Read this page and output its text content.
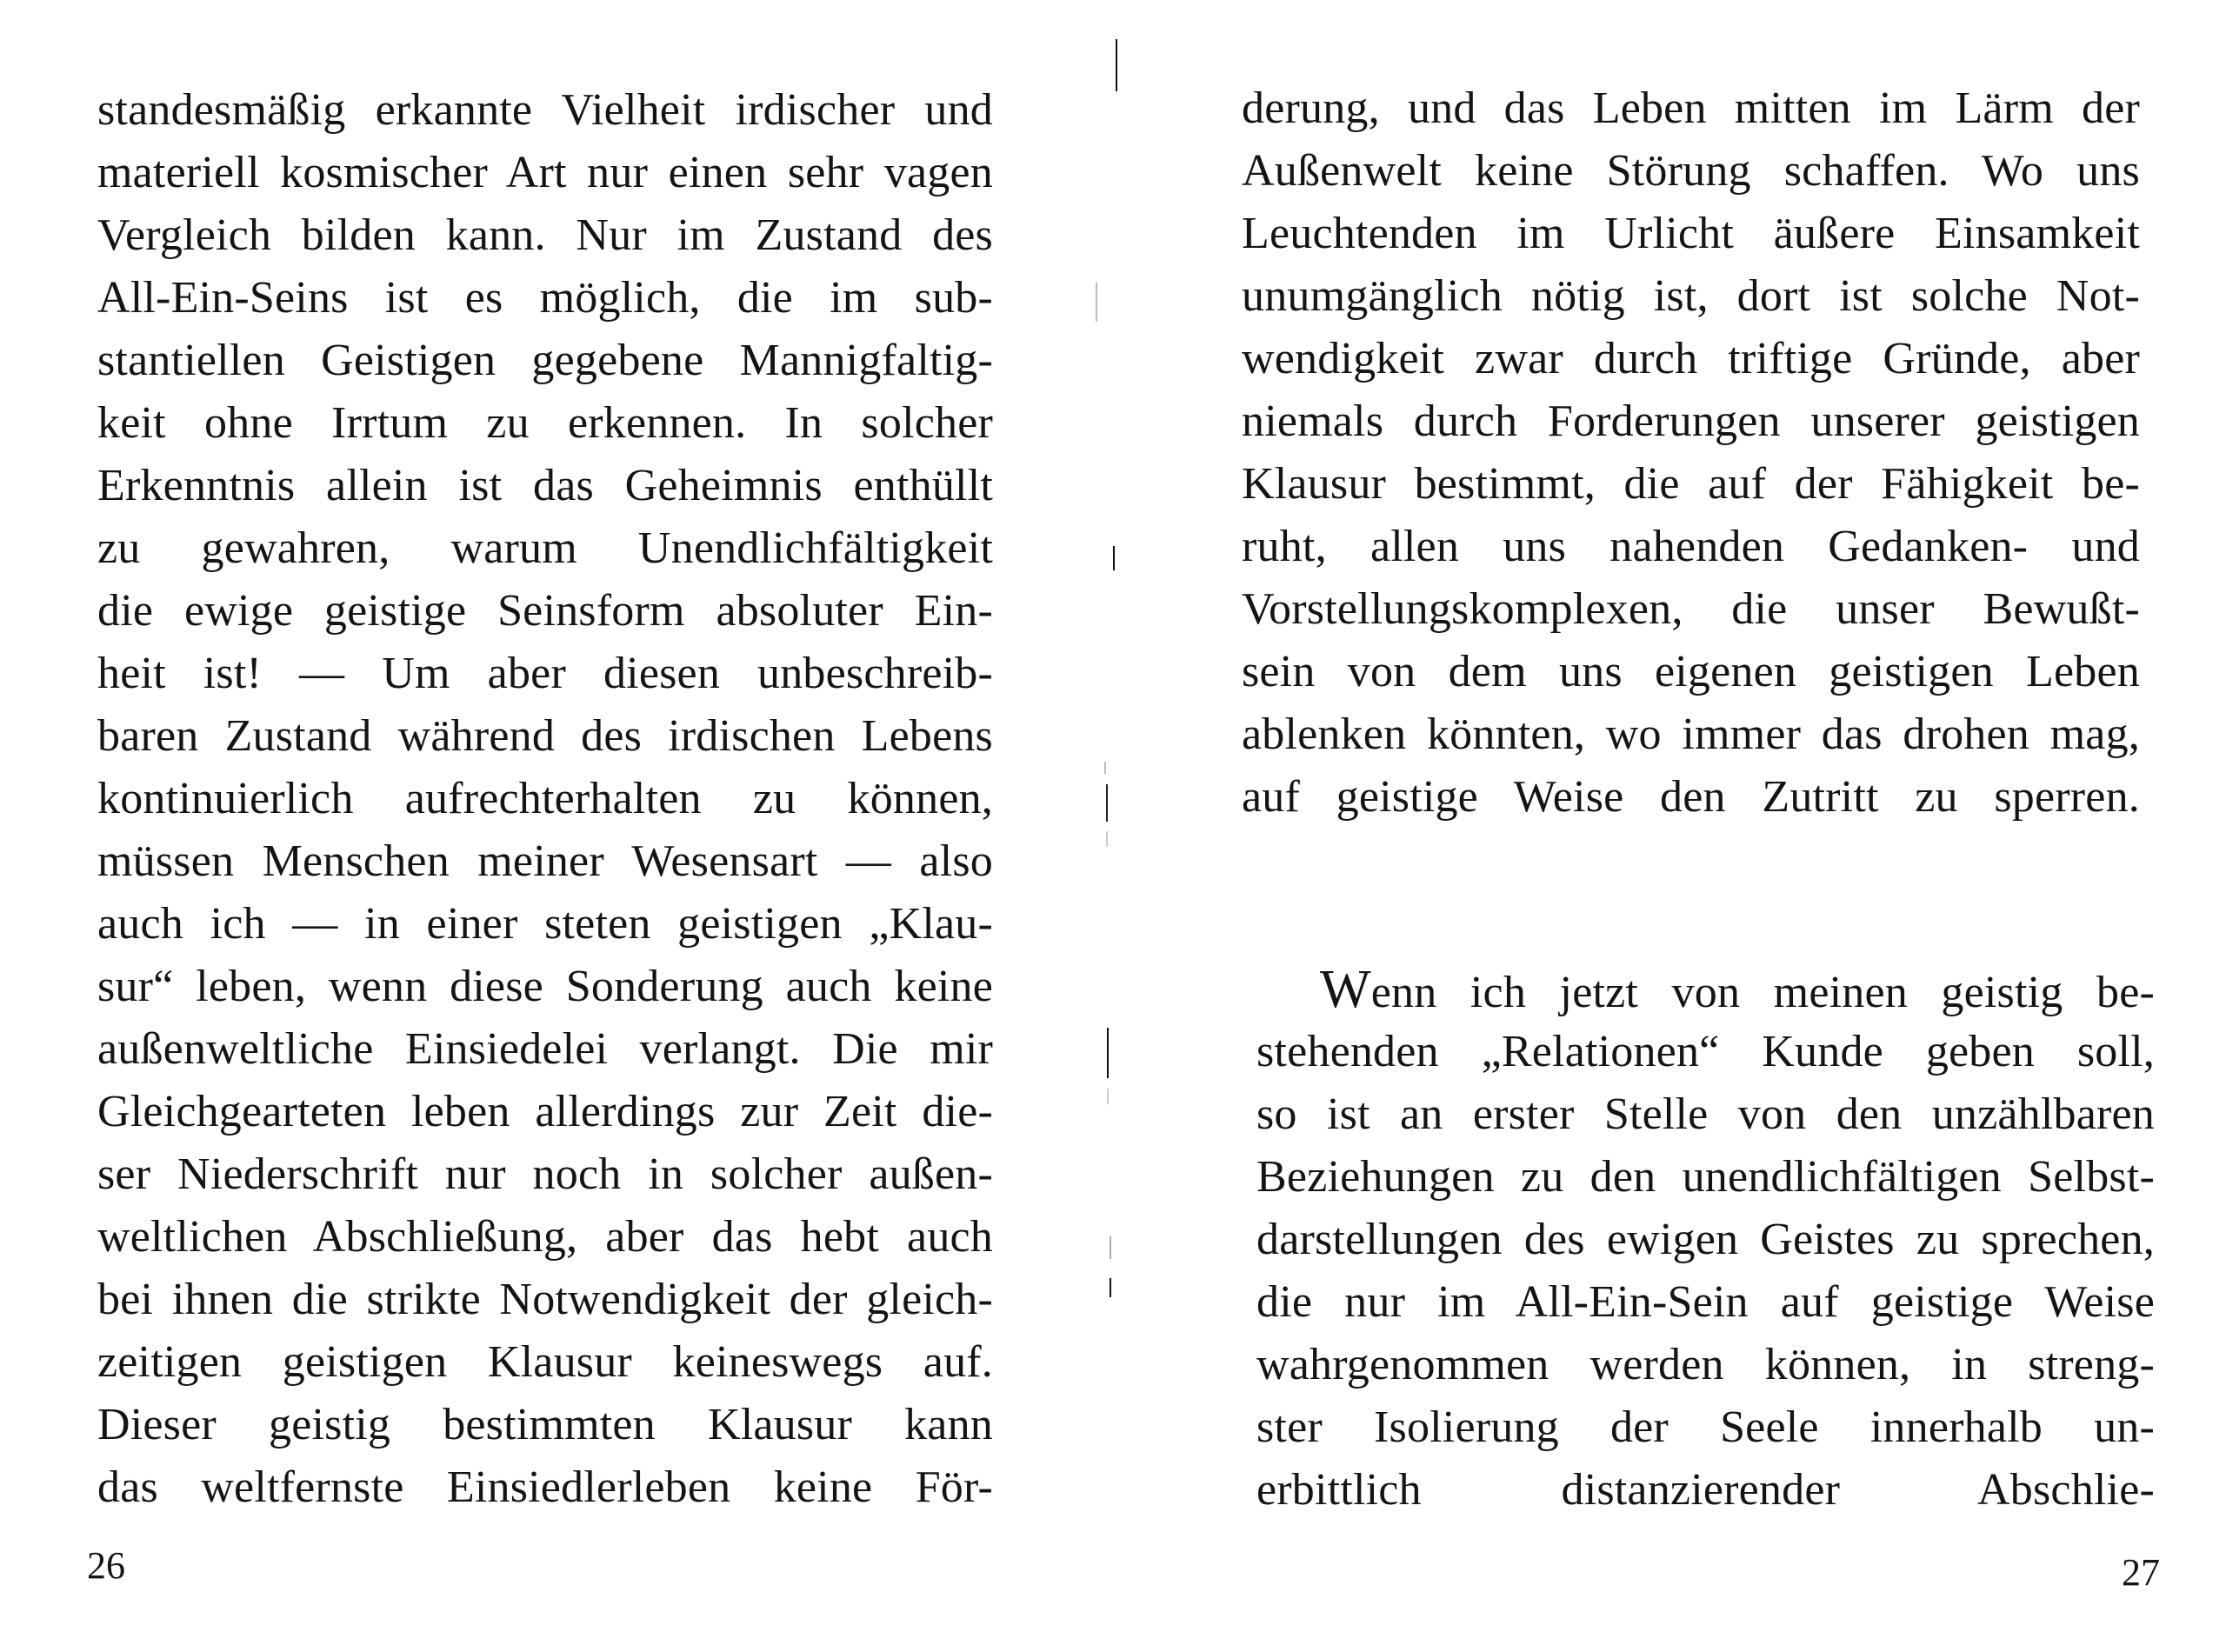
standesmäßig erkannte Vielheit irdischer und
materiell kosmischer Art nur einen sehr vagen
Vergleich bilden kann. Nur im Zustand des
All-Ein-Seins ist es möglich, die im sub-
stantiellen Geistigen gegebene Mannigfaltig-
keit ohne Irrtum zu erkennen. In solcher
Erkenntnis allein ist das Geheimnis enthüllt
zu gewahren, warum Unendlichfältigkeit
die ewige geistige Seinsform absoluter Ein-
heit ist! — Um aber diesen unbeschreib-
baren Zustand während des irdischen Lebens
kontinuierlich aufrechterhalten zu können,
müssen Menschen meiner Wesensart — also
auch ich — in einer steten geistigen „Klau-
sur“ leben, wenn diese Sonderung auch keine
außenweltliche Einsiedelei verlangt. Die mir
Gleichgearteten leben allerdings zur Zeit die-
ser Niederschrift nur noch in solcher außen-
weltlichen Abschließung, aber das hebt auch
bei ihnen die strikte Notwendigkeit der gleich-
zeitigen geistigen Klausur keineswegs auf.
Dieser geistig bestimmten Klausur kann
das weltfernste Einsiedlerleben keine För-
26
derung, und das Leben mitten im Lärm der
Außenwelt keine Störung schaffen. Wo uns
Leuchtenden im Urlicht äußere Einsamkeit
unumgänglich nötig ist, dort ist solche Not-
wendigkeit zwar durch triftige Gründe, aber
niemals durch Forderungen unserer geistigen
Klausur bestimmt, die auf der Fähigkeit be-
ruht, allen uns nahenden Gedanken- und
Vorstellungskomplexen, die unser Bewußt-
sein von dem uns eigenen geistigen Leben
ablenken könnten, wo immer das drohen mag,
auf geistige Weise den Zutritt zu sperren.
Wenn ich jetzt von meinen geistig be-
stehenden „Relationen“ Kunde geben soll,
so ist an erster Stelle von den unzählbaren
Beziehungen zu den unendlichfältigen Selbst-
darstellungen des ewigen Geistes zu sprechen,
die nur im All-Ein-Sein auf geistige Weise
wahrgenommen werden können, in streng-
ster Isolierung der Seele innerhalb un-
erbittlich distanzierender Abschlie-
27
